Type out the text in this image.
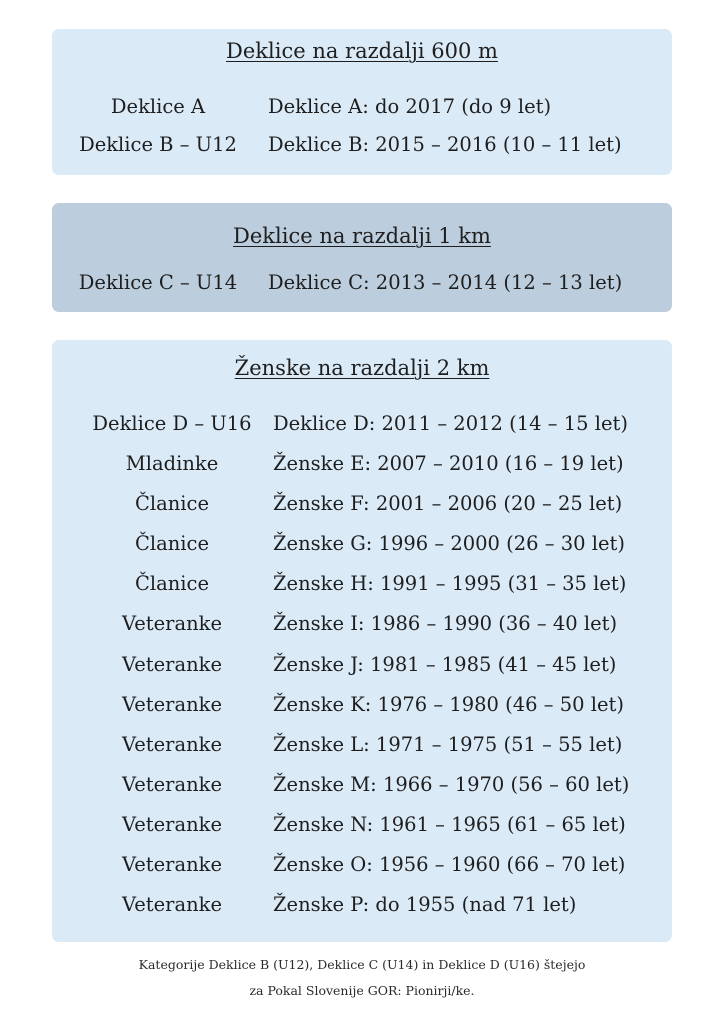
Deklice na razdalji 600 m
Deklice A	Deklice A: do 2017 (do 9 let)
Deklice B – U12	Deklice B: 2015 – 2016 (10 – 11 let)
Deklice na razdalji 1 km
Deklice C – U14	Deklice C: 2013 – 2014 (12 – 13 let)
Ženske na razdalji 2 km
Deklice D – U16	Deklice D: 2011 – 2012 (14 – 15 let)
Mladinke	Ženske E: 2007 – 2010 (16 – 19 let)
Članice	Ženske F: 2001 – 2006 (20 – 25 let)
Članice	Ženske G: 1996 – 2000 (26 – 30 let)
Članice	Ženske H: 1991 – 1995 (31 – 35 let)
Veteranke	Ženske I: 1986 – 1990 (36 – 40 let)
Veteranke	Ženske J: 1981 – 1985 (41 – 45 let)
Veteranke	Ženske K: 1976 – 1980 (46 – 50 let)
Veteranke	Ženske L: 1971 – 1975 (51 – 55 let)
Veteranke	Ženske M: 1966 – 1970 (56 – 60 let)
Veteranke	Ženske N: 1961 – 1965 (61 – 65 let)
Veteranke	Ženske O: 1956 – 1960 (66 – 70 let)
Veteranke	Ženske P: do 1955 (nad 71 let)
Kategorije Deklice B (U12), Deklice C (U14) in Deklice D (U16) štejejo
za Pokal Slovenije GOR: Pionirji/ke.
